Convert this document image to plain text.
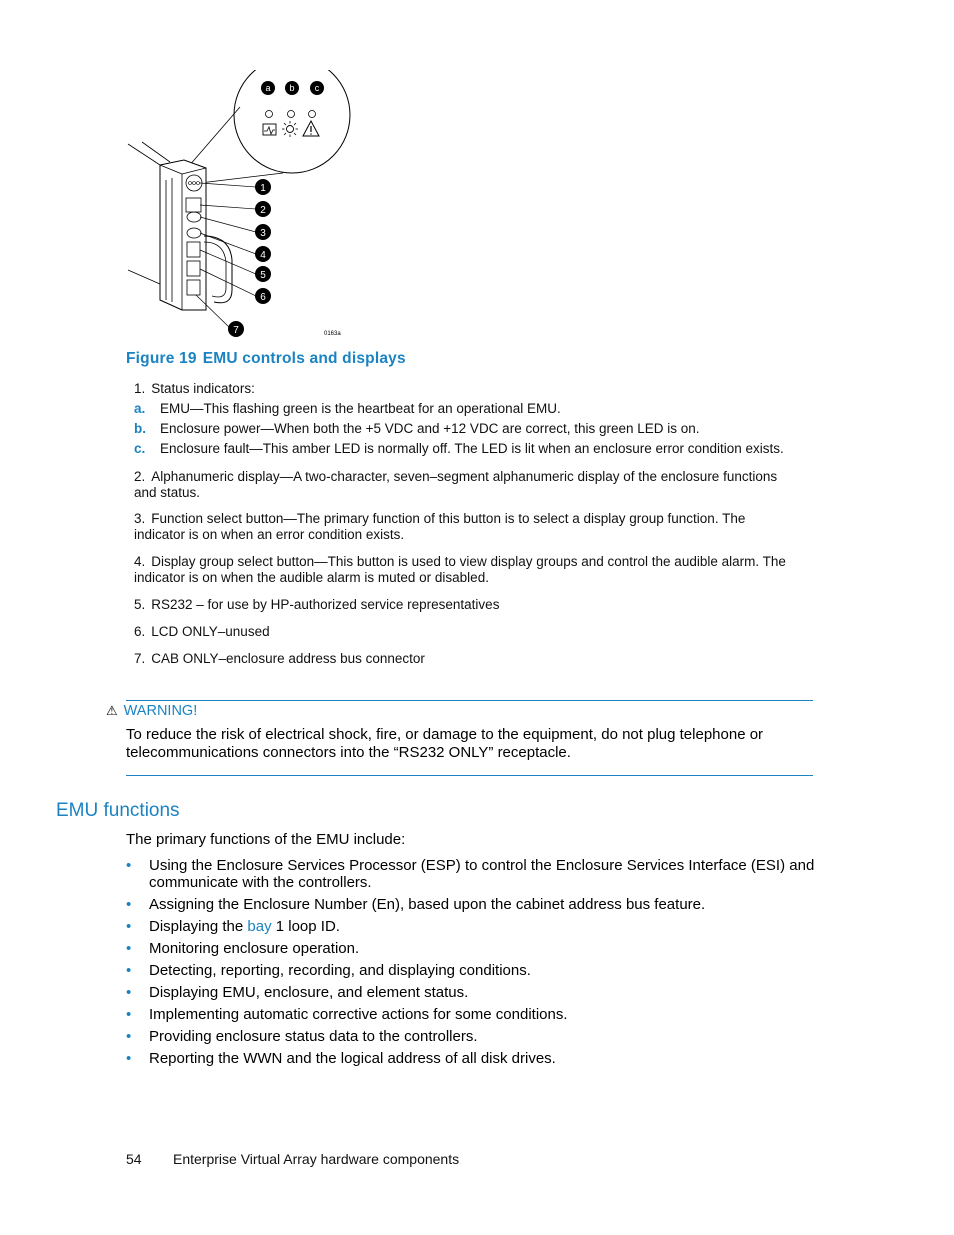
a b c
1
2
3
4
5
6
7	0163a
Figure 19 EMU controls and displays
1. Status indicators:
a. EMU—This flashing green is the heartbeat for an operational EMU.
b. Enclosure power—When both the +5 VDC and +12 VDC are correct, this green LED is on.
c. Enclosure fault—This amber LED is normally off. The LED is lit when an enclosure error condition exists.
2. Alphanumeric display—A two-character, seven–segment alphanumeric display of the enclosure functions and status.
3. Function select button—The primary function of this button is to select a display group function. The indicator is on when an error condition exists.
4. Display group select button—This button is used to view display groups and control the audible alarm. The indicator is on when the audible alarm is muted or disabled.
5. RS232 – for use by HP-authorized service representatives
6. LCD ONLY–unused
7. CAB ONLY–enclosure address bus connector
⚠ WARNING!
To reduce the risk of electrical shock, fire, or damage to the equipment, do not plug telephone or telecommunications connectors into the “RS232 ONLY” receptacle.
EMU functions
The primary functions of the EMU include:
• Using the Enclosure Services Processor (ESP) to control the Enclosure Services Interface (ESI) and communicate with the controllers.
• Assigning the Enclosure Number (En), based upon the cabinet address bus feature.
• Displaying the bay 1 loop ID.
• Monitoring enclosure operation.
• Detecting, reporting, recording, and displaying conditions.
• Displaying EMU, enclosure, and element status.
• Implementing automatic corrective actions for some conditions.
• Providing enclosure status data to the controllers.
• Reporting the WWN and the logical address of all disk drives.
54 Enterprise Virtual Array hardware components
